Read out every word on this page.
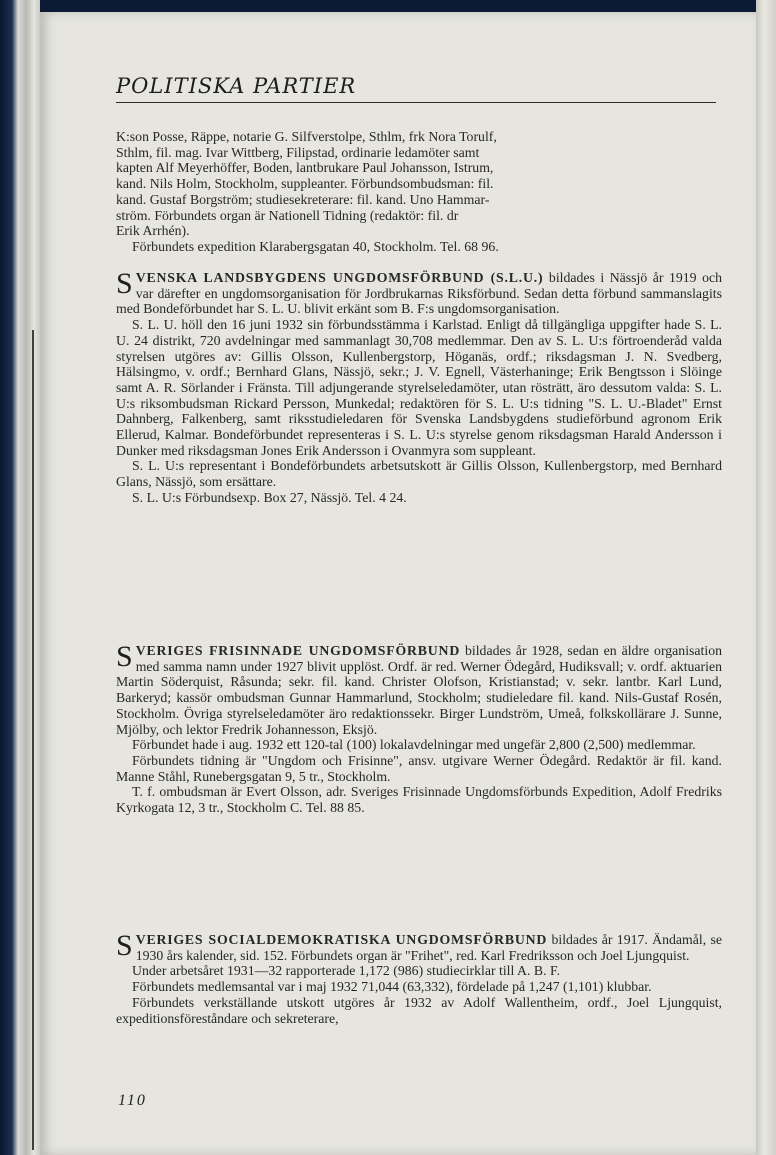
POLITISKA PARTIER

K:son Posse, Räppe, notarie G. Silfverstolpe, Sthlm, frk Nora Torulf,

Sthlm, fil. mag. Ivar Wittberg, Filipstad, ordinarie ledamöter samt

kapten Alf Meyerhöffer, Boden, lantbrukare Paul Johansson, Istrum,

kand. Nils Holm, Stockholm, suppleanter. Förbundsombudsman: fil.

kand. Gustaf Borgström; studiesekreterare: fil. kand. Uno Hammar-

ström. Förbundets organ är Nationell Tidning (redaktör: fil. dr

Erik Arrhén).

Förbundets expedition Klarabergsgatan 40, Stockholm. Tel. 68 96.

S VENSKA LANDSBYGDENS UNGDOMSFÖRBUND (S.L.U.) bildades i Nässjö år 1919 och var därefter en ungdomsorganisation för Jordbrukarnas Riksförbund. Sedan detta förbund sammanslagits med Bondeförbundet har S. L. U. blivit erkänt som B. F:s ungdomsorganisation.

S. L. U. höll den 16 juni 1932 sin förbundsstämma i Karlstad. Enligt då tillgängliga uppgifter hade S. L. U. 24 distrikt, 720 avdelningar med sammanlagt 30,708 medlemmar. Den av S. L. U:s förtroenderåd valda styrelsen utgöres av: Gillis Olsson, Kullenbergstorp, Höganäs, ordf.; riksdagsman J. N. Svedberg, Hälsingmo, v. ordf.; Bernhard Glans, Nässjö, sekr.; J. V. Egnell, Västerhaninge; Erik Bengtsson i Slöinge samt A. R. Sörlander i Fränsta. Till adjungerande styrelseledamöter, utan rösträtt, äro dessutom valda: S. L. U:s riksombudsman Rickard Persson, Munkedal; redaktören för S. L. U:s tidning "S. L. U.-Bladet" Ernst Dahnberg, Falkenberg, samt riksstudieledaren för Svenska Landsbygdens studieförbund agronom Erik Ellerud, Kalmar. Bondeförbundet representeras i S. L. U:s styrelse genom riksdagsman Harald Andersson i Dunker med riksdagsman Jones Erik Andersson i Ovanmyra som suppleant.

S. L. U:s representant i Bondeförbundets arbetsutskott är Gillis Olsson, Kullenbergstorp, med Bernhard Glans, Nässjö, som ersättare.

S. L. U:s Förbundsexp. Box 27, Nässjö. Tel. 4 24.

S VERIGES FRISINNADE UNGDOMSFÖRBUND bildades år 1928, sedan en äldre organisation med samma namn under 1927 blivit upplöst. Ordf. är red. Werner Ödegård, Hudiksvall; v. ordf. aktuarien Martin Söderquist, Råsunda; sekr. fil. kand. Christer Olofson, Kristianstad; v. sekr. lantbr. Karl Lund, Barkeryd; kassör ombudsman Gunnar Hammarlund, Stockholm; studieledare fil. kand. Nils-Gustaf Rosén, Stockholm. Övriga styrelseledamöter äro redaktionssekr. Birger Lundström, Umeå, folkskollärare J. Sunne, Mjölby, och lektor Fredrik Johannesson, Eksjö.

Förbundet hade i aug. 1932 ett 120-tal (100) lokalavdelningar med ungefär 2,800 (2,500) medlemmar.

Förbundets tidning är "Ungdom och Frisinne", ansv. utgivare Werner Ödegård. Redaktör är fil. kand. Manne Ståhl, Runebergsgatan 9, 5 tr., Stockholm.

T. f. ombudsman är Evert Olsson, adr. Sveriges Frisinnade Ungdomsförbunds Expedition, Adolf Fredriks Kyrkogata 12, 3 tr., Stockholm C. Tel. 88 85.

S VERIGES SOCIALDEMOKRATISKA UNGDOMSFÖRBUND bildades år 1917. Ändamål, se 1930 års kalender, sid. 152. Förbundets organ är "Frihet", red. Karl Fredriksson och Joel Ljungquist.

Under arbetsåret 1931—32 rapporterade 1,172 (986) studiecirklar till A. B. F.

Förbundets medlemsantal var i maj 1932 71,044 (63,332), fördelade på 1,247 (1,101) klubbar.

Förbundets verkställande utskott utgöres år 1932 av Adolf Wallentheim, ordf., Joel Ljungquist, expeditionsföreståndare och sekreterare,

110
